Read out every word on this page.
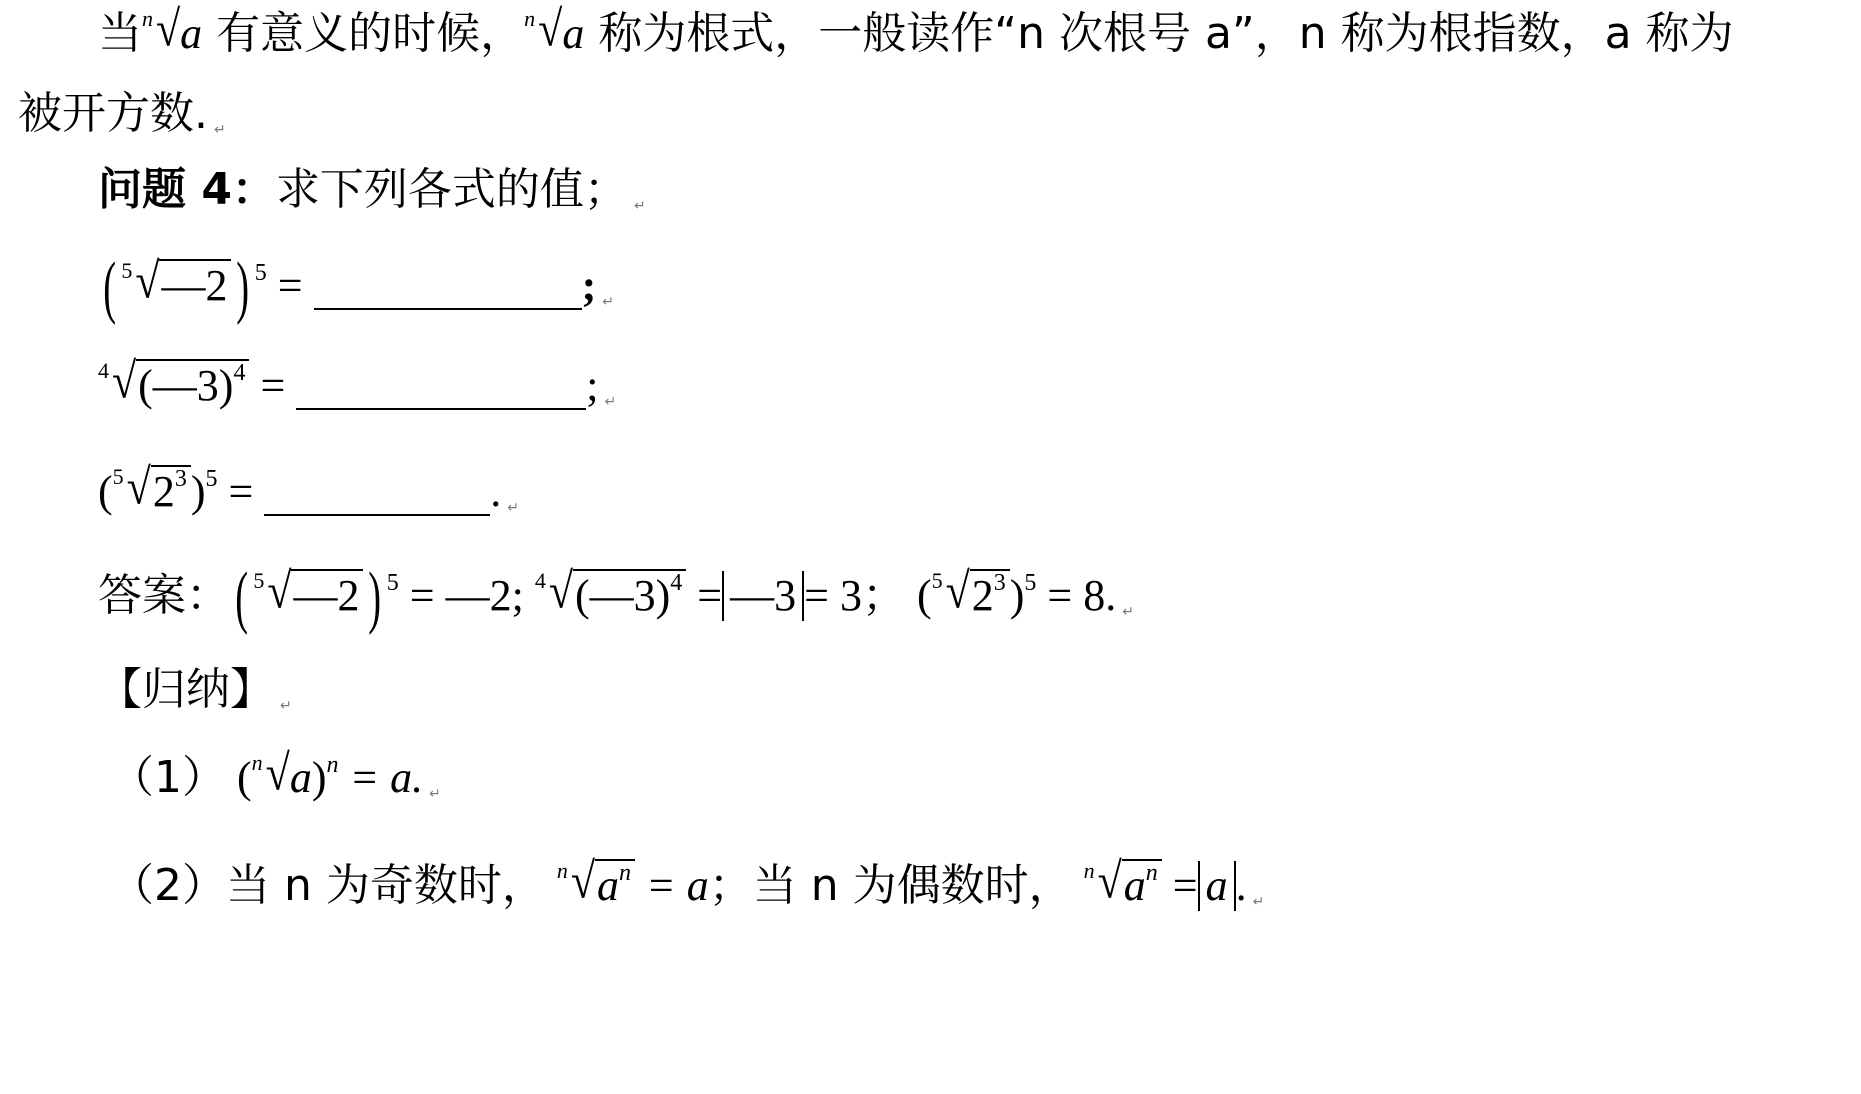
当 n √a 有意义的时候， n √a 称为根式，一般读作“n 次根号 a”，n 称为根指数，a 称为
被开方数. ↵
问题 4：求下列各式的值； ↵
( 5 √—2 ) $^5$ =	; ↵
4 √(—3)$^4$ =	; ↵
( 5 $√2^3)^5$ =	. ↵
答案：( 5 √—2 ) $^5$ = —2; 4 √(—3)$^4$ = —3 = 3； ( 5 $√2^3)^5 = 8$. ↵
【归纳】 ↵
（1） ( n √a)$^n$ = a. ↵
（2）当 n 为奇数时， n $√a^n = a$；当 n 为偶数时， n $√a^n = a$ . ↵
